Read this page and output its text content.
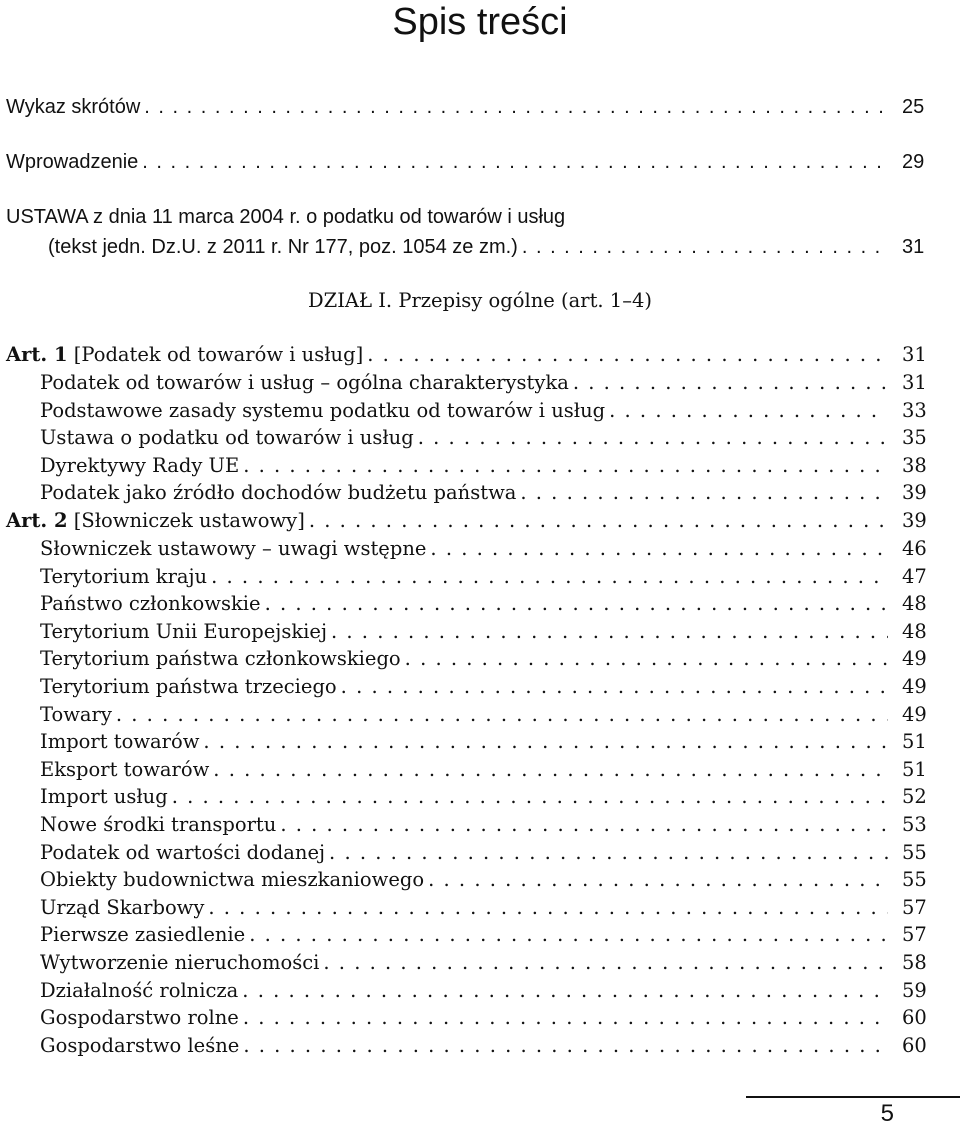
Spis treści
Wykaz skrótów . . .	25
Wprowadzenie . . .	29
USTAWA z dnia 11 marca 2004 r. o podatku od towarów i usług
(tekst jedn. Dz.U. z 2011 r. Nr 177, poz. 1054 ze zm.) . . .	31
DZIAŁ I. Przepisy ogólne (art. 1–4)
Art. 1 [Podatek od towarów i usług] . . .	31
Podatek od towarów i usług – ogólna charakterystyka . . .	31
Podstawowe zasady systemu podatku od towarów i usług . . .	33
Ustawa o podatku od towarów i usług . . .	35
Dyrektywy Rady UE . . .	38
Podatek jako źródło dochodów budżetu państwa . . .	39
Art. 2 [Słowniczek ustawowy] . . .	39
Słowniczek ustawowy – uwagi wstępne . . .	46
Terytorium kraju . . .	47
Państwo członkowskie . . .	48
Terytorium Unii Europejskiej . . .	48
Terytorium państwa członkowskiego . . .	49
Terytorium państwa trzeciego . . .	49
Towary . . .	49
Import towarów . . .	51
Eksport towarów . . .	51
Import usług . . .	52
Nowe środki transportu . . .	53
Podatek od wartości dodanej . . .	55
Obiekty budownictwa mieszkaniowego . . .	55
Urząd Skarbowy . . .	57
Pierwsze zasiedlenie . . .	57
Wytworzenie nieruchomości . . .	58
Działalność rolnicza . . .	59
Gospodarstwo rolne . . .	60
Gospodarstwo leśne . . .	60
5
